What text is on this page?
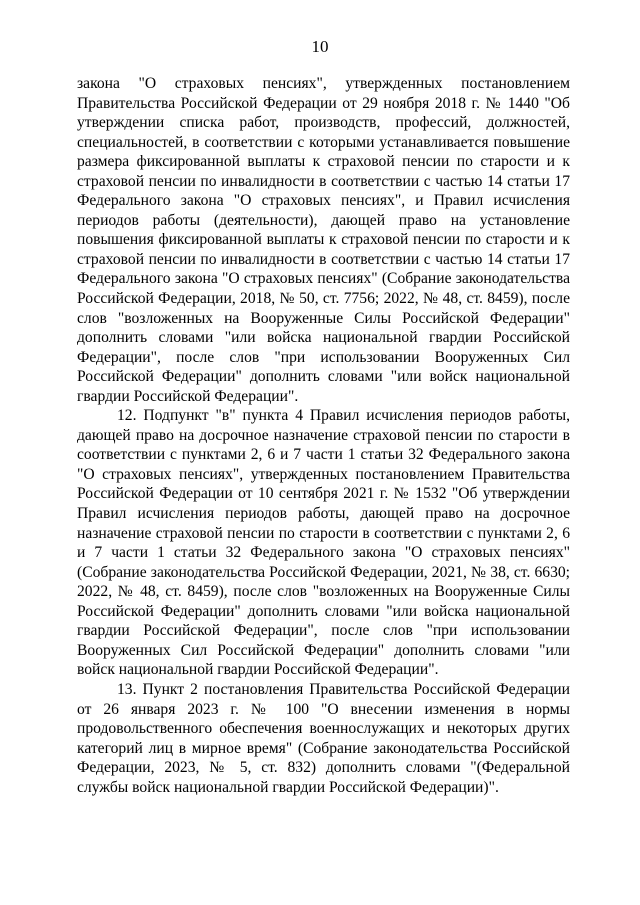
10

закона "О страховых пенсиях", утвержденных постановлением Правительства Российской Федерации от 29 ноября 2018 г. № 1440 "Об утверждении списка работ, производств, профессий, должностей, специальностей, в соответствии с которыми устанавливается повышение размера фиксированной выплаты к страховой пенсии по старости и к страховой пенсии по инвалидности в соответствии с частью 14 статьи 17 Федерального закона "О страховых пенсиях", и Правил исчисления периодов работы (деятельности), дающей право на установление повышения фиксированной выплаты к страховой пенсии по старости и к страховой пенсии по инвалидности в соответствии с частью 14 статьи 17 Федерального закона "О страховых пенсиях" (Собрание законодательства Российской Федерации, 2018, № 50, ст. 7756; 2022, № 48, ст. 8459), после слов "возложенных на Вооруженные Силы Российской Федерации" дополнить словами "или войска национальной гвардии Российской Федерации", после слов "при использовании Вооруженных Сил Российской Федерации" дополнить словами "или войск национальной гвардии Российской Федерации".

12. Подпункт "в" пункта 4 Правил исчисления периодов работы, дающей право на досрочное назначение страховой пенсии по старости в соответствии с пунктами 2, 6 и 7 части 1 статьи 32 Федерального закона "О страховых пенсиях", утвержденных постановлением Правительства Российской Федерации от 10 сентября 2021 г. № 1532 "Об утверждении Правил исчисления периодов работы, дающей право на досрочное назначение страховой пенсии по старости в соответствии с пунктами 2, 6 и 7 части 1 статьи 32 Федерального закона "О страховых пенсиях" (Собрание законодательства Российской Федерации, 2021, № 38, ст. 6630; 2022, № 48, ст. 8459), после слов "возложенных на Вооруженные Силы Российской Федерации" дополнить словами "или войска национальной гвардии Российской Федерации", после слов "при использовании Вооруженных Сил Российской Федерации" дополнить словами "или войск национальной гвардии Российской Федерации".

13. Пункт 2 постановления Правительства Российской Федерации от 26 января 2023 г. № 100 "О внесении изменения в нормы продовольственного обеспечения военнослужащих и некоторых других категорий лиц в мирное время" (Собрание законодательства Российской Федерации, 2023, № 5, ст. 832) дополнить словами "(Федеральной службы войск национальной гвардии Российской Федерации)".
